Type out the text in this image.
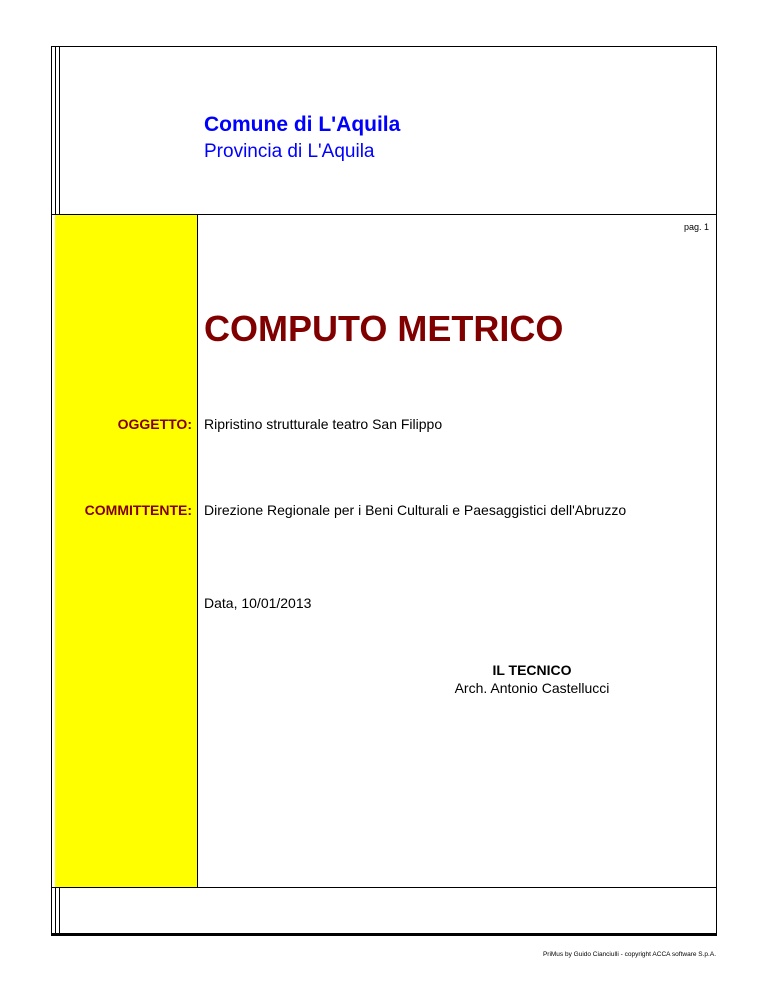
Comune di L'Aquila
Provincia di L'Aquila
pag. 1
COMPUTO METRICO
OGGETTO: Ripristino strutturale teatro San Filippo
COMMITTENTE: Direzione Regionale per i Beni Culturali e Paesaggistici dell'Abruzzo
Data, 10/01/2013
IL TECNICO
Arch. Antonio Castellucci
PriMus by Guido Cianciulli - copyright ACCA software S.p.A.
